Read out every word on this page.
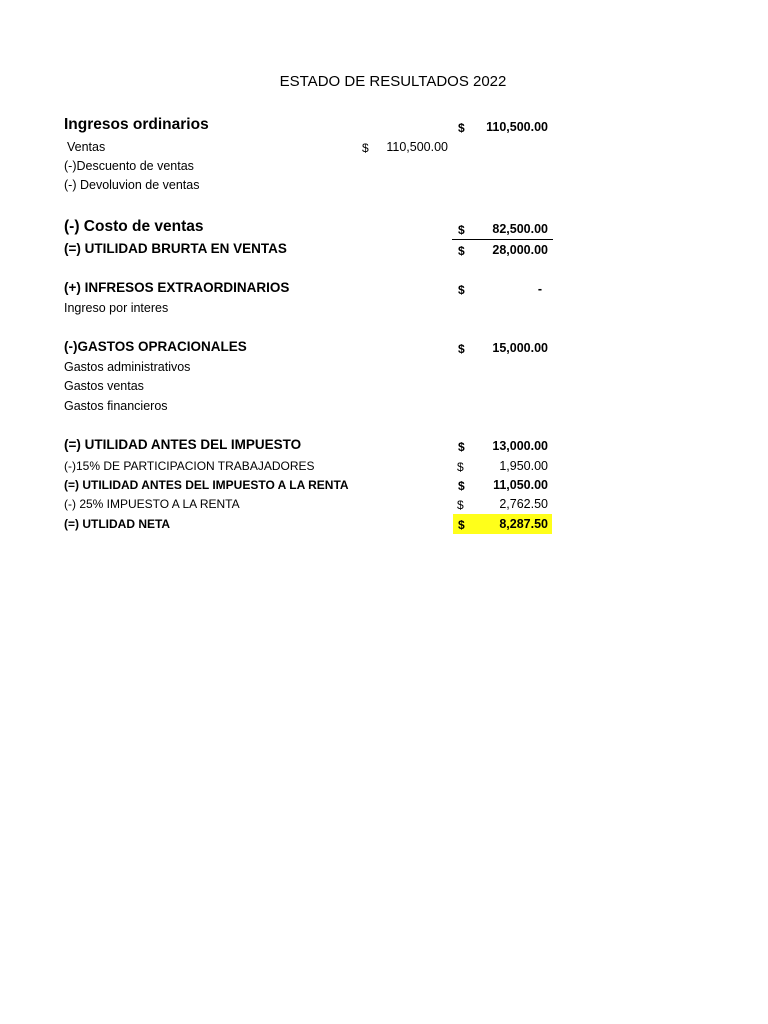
ESTADO DE RESULTADOS 2022
Ingresos ordinarios	$	110,500.00
Ventas	$	110,500.00
(-)Descuento de ventas
(-) Devoluvion de ventas
(-) Costo de ventas	$	82,500.00
(=) UTILIDAD BRURTA EN VENTAS	$	28,000.00
(+) INFRESOS EXTRAORDINARIOS	$	-
Ingreso por interes
(-)GASTOS OPRACIONALES	$	15,000.00
Gastos administrativos
Gastos ventas
Gastos financieros
(=) UTILIDAD ANTES DEL IMPUESTO	$	13,000.00
(-)15% DE PARTICIPACION TRABAJADORES	$	1,950.00
(=) UTILIDAD ANTES DEL IMPUESTO A LA RENTA	$	11,050.00
(-) 25% IMPUESTO A LA RENTA	$	2,762.50
(=) UTLIDAD NETA	$	8,287.50
